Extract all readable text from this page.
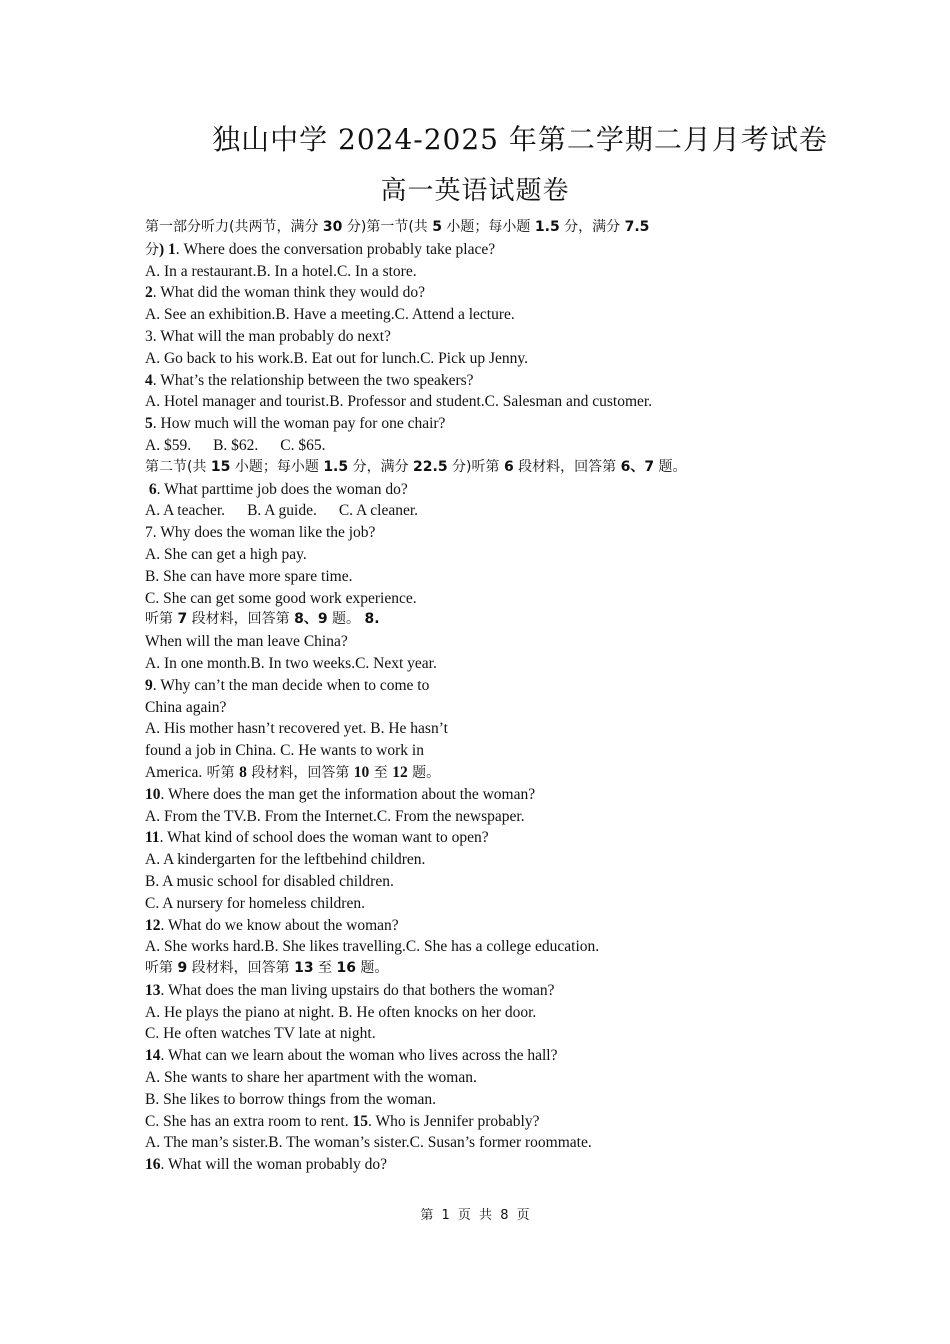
独山中学 2024-2025 年第二学期二月月考试卷
高一英语试题卷
第一部分听力(共两节，满分 30 分)第一节(共 5 小题；每小题 1.5 分，满分 7.5
分) 1. Where does the conversation probably take place?
A. In a restaurant.B. In a hotel.C. In a store.
2. What did the woman think they would do?
A. See an exhibition.B. Have a meeting.C. Attend a lecture.
3. What will the man probably do next?
A. Go back to his work.B. Eat out for lunch.C. Pick up Jenny.
4. What’s the relationship between the two speakers?
A. Hotel manager and tourist.B. Professor and student.C. Salesman and customer.
5. How much will the woman pay for one chair?
A. $59. B. $62. C. $65.
第二节(共 15 小题；每小题 1.5 分，满分 22.5 分)听第 6 段材料，回答第 6、7 题。
6. What parttime job does the woman do?
A. A teacher. B. A guide. C. A cleaner.
7. Why does the woman like the job?
A. She can get a high pay.
B. She can have more spare time.
C. She can get some good work experience.
听第 7 段材料，回答第 8、9 题。 8.
When will the man leave China?
A. In one month.B. In two weeks.C. Next year.
9. Why can’t the man decide when to come to
China again?
A. His mother hasn’t recovered yet. B. He hasn’t
found a job in China. C. He wants to work in
America. 听第 8 段材料，回答第 10 至 12 题。
10. Where does the man get the information about the woman?
A. From the TV.B. From the Internet.C. From the newspaper.
11. What kind of school does the woman want to open?
A. A kindergarten for the leftbehind children.
B. A music school for disabled children.
C. A nursery for homeless children.
12. What do we know about the woman?
A. She works hard.B. She likes travelling.C. She has a college education.
听第 9 段材料，回答第 13 至 16 题。
13. What does the man living upstairs do that bothers the woman?
A. He plays the piano at night. B. He often knocks on her door.
C. He often watches TV late at night.
14. What can we learn about the woman who lives across the hall?
A. She wants to share her apartment with the woman.
B. She likes to borrow things from the woman.
C. She has an extra room to rent. 15. Who is Jennifer probably?
A. The man’s sister.B. The woman’s sister.C. Susan’s former roommate.
16. What will the woman probably do?
第 1 页 共 8 页
